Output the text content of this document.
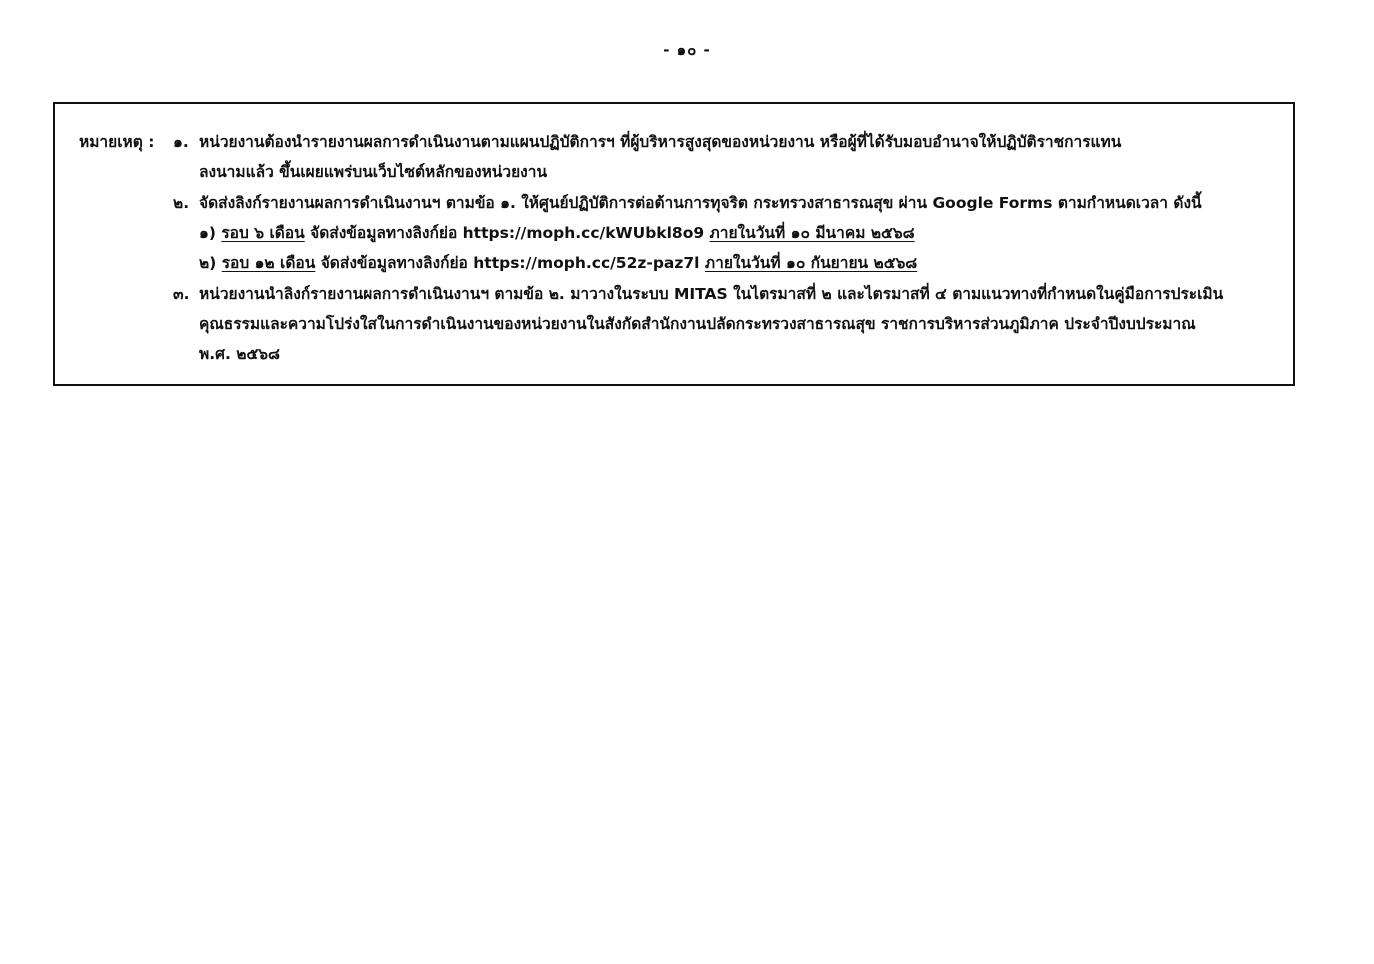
- ๑๐ -
หมายเหตุ : ๑. หน่วยงานต้องนำรายงานผลการดำเนินงานตามแผนปฏิบัติการฯ ที่ผู้บริหารสูงสุดของหน่วยงาน หรือผู้ที่ได้รับมอบอำนาจให้ปฏิบัติราชการแทน
ลงนามแล้ว ขึ้นเผยแพร่บนเว็บไซต์หลักของหน่วยงาน
๒. จัดส่งลิงก์รายงานผลการดำเนินงานฯ ตามข้อ ๑. ให้ศูนย์ปฏิบัติการต่อต้านการทุจริต กระทรวงสาธารณสุข ผ่าน Google Forms ตามกำหนดเวลา ดังนี้
๑) รอบ ๖ เดือน จัดส่งข้อมูลทางลิงก์ย่อ https://moph.cc/kWUbkl8o9 ภายในวันที่ ๑๐ มีนาคม ๒๕๖๘
๒) รอบ ๑๒ เดือน จัดส่งข้อมูลทางลิงก์ย่อ https://moph.cc/52z-paz7l ภายในวันที่ ๑๐ กันยายน ๒๕๖๘
๓. หน่วยงานนำลิงก์รายงานผลการดำเนินงานฯ ตามข้อ ๒. มาวางในระบบ MITAS ในไตรมาสที่ ๒ และไตรมาสที่ ๔ ตามแนวทางที่กำหนดในคู่มือการประเมิน
คุณธรรมและความโปร่งใสในการดำเนินงานของหน่วยงานในสังกัดสำนักงานปลัดกระทรวงสาธารณสุข ราชการบริหารส่วนภูมิภาค ประจำปีงบประมาณ
พ.ศ. ๒๕๖๘
